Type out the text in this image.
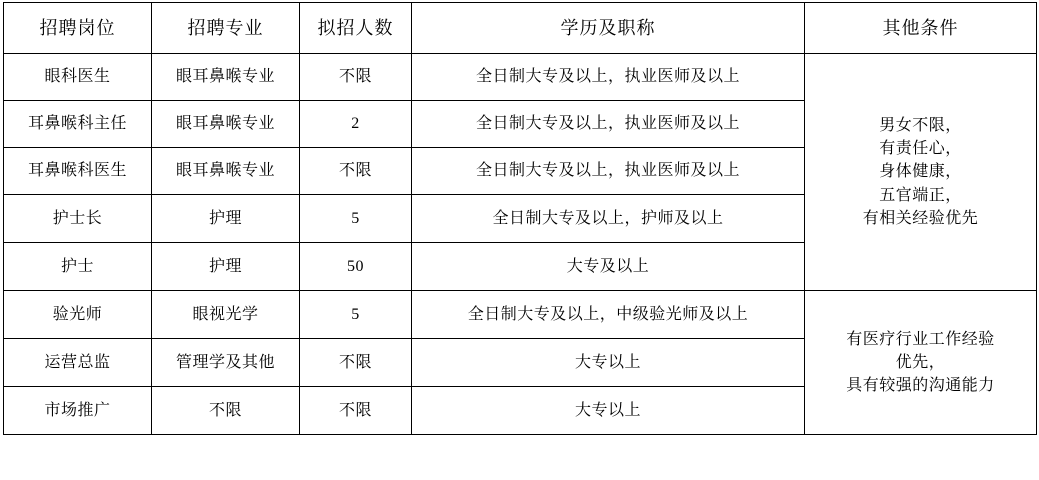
招聘岗位	招聘专业	拟招人数	学历及职称	其他条件
眼科医生	眼耳鼻喉专业	不限	全日制大专及以上，执业医师及以上	男女不限，
有责任心，
身体健康，
五官端正，
有相关经验优先

耳鼻喉科主任	眼耳鼻喉专业	2	全日制大专及以上，执业医师及以上	
耳鼻喉科医生	眼耳鼻喉专业	不限	全日制大专及以上，执业医师及以上	
护士长	护理	5	全日制大专及以上，护师及以上	
护士	护理	50	大专及以上	
验光师	眼视光学	5	全日制大专及以上，中级验光师及以上	有医疗行业工作经验
优先，
具有较强的沟通能力

运营总监	管理学及其他	不限	大专以上	
市场推广	不限	不限	大专以上	
